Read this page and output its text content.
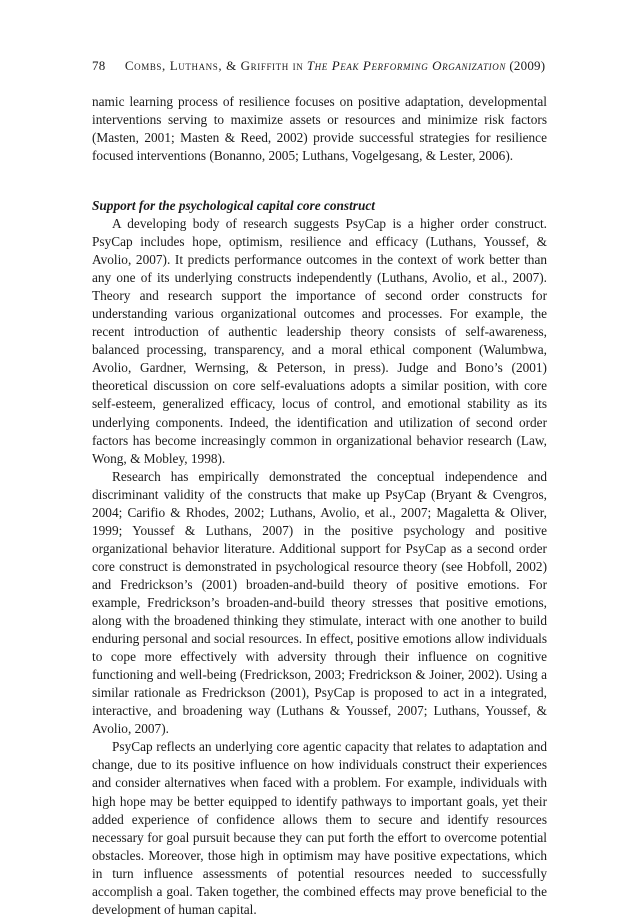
78 Combs, Luthans, & Griffith in The Peak Performing Organization (2009)

namic learning process of resilience focuses on positive adaptation, developmental interventions serving to maximize assets or resources and minimize risk factors (Masten, 2001; Masten & Reed, 2002) provide successful strategies for resilience focused interventions (Bonanno, 2005; Luthans, Vogelgesang, & Lester, 2006).

Support for the psychological capital core construct

A developing body of research suggests PsyCap is a higher order construct. PsyCap includes hope, optimism, resilience and efficacy (Luthans, Youssef, & Avolio, 2007). It predicts performance outcomes in the context of work better than any one of its underlying constructs independently (Luthans, Avolio, et al., 2007). Theory and research support the importance of second order constructs for understanding various organizational outcomes and processes. For example, the recent introduction of authentic leadership theory consists of self-awareness, balanced processing, transparency, and a moral ethical component (Walumbwa, Avolio, Gardner, Wernsing, & Peterson, in press). Judge and Bono’s (2001) theoretical discussion on core self-evaluations adopts a similar position, with core self-esteem, generalized efficacy, locus of control, and emotional stability as its underlying components. Indeed, the identification and utilization of second order factors has become increasingly common in organizational behavior research (Law, Wong, & Mobley, 1998).

Research has empirically demonstrated the conceptual independence and discriminant validity of the constructs that make up PsyCap (Bryant & Cvengros, 2004; Carifio & Rhodes, 2002; Luthans, Avolio, et al., 2007; Magaletta & Oliver, 1999; Youssef & Luthans, 2007) in the positive psychology and positive organizational behavior literature. Additional support for PsyCap as a second order core construct is demonstrated in psychological resource theory (see Hobfoll, 2002) and Fredrickson’s (2001) broaden-and-build theory of positive emotions. For example, Fredrickson’s broaden-and-build theory stresses that positive emotions, along with the broadened thinking they stimulate, interact with one another to build enduring personal and social resources. In effect, positive emotions allow individuals to cope more effectively with adversity through their influence on cognitive functioning and well-being (Fredrickson, 2003; Fredrickson & Joiner, 2002). Using a similar rationale as Fredrickson (2001), PsyCap is proposed to act in a integrated, interactive, and broadening way (Luthans & Youssef, 2007; Luthans, Youssef, & Avolio, 2007).

PsyCap reflects an underlying core agentic capacity that relates to adaptation and change, due to its positive influence on how individuals construct their experiences and consider alternatives when faced with a problem. For example, individuals with high hope may be better equipped to identify pathways to important goals, yet their added experience of confidence allows them to secure and identify resources necessary for goal pursuit because they can put forth the effort to overcome potential obstacles. Moreover, those high in optimism may have positive expectations, which in turn influence assessments of potential resources needed to successfully accomplish a goal. Taken together, the combined effects may prove beneficial to the development of human capital.
